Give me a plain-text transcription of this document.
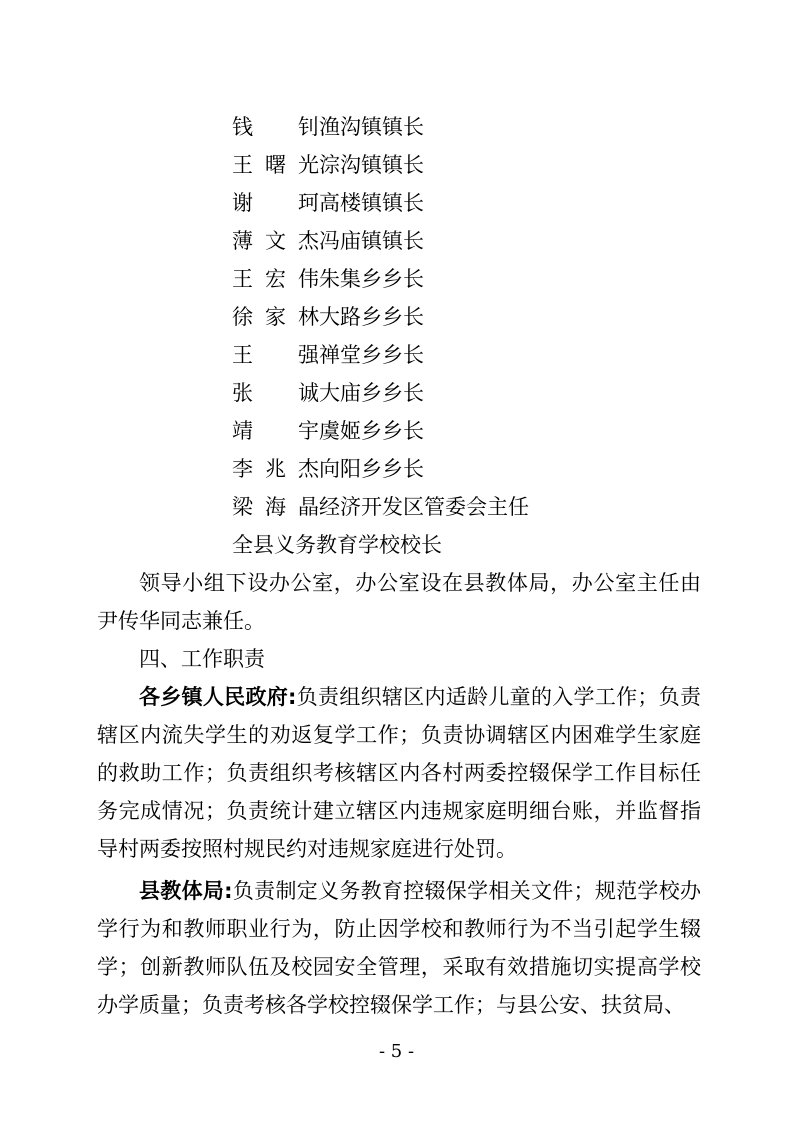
钱 钊 渔沟镇镇长
王曙光 淙沟镇镇长
谢 珂 高楼镇镇长
薄文杰 冯庙镇镇长
王宏伟 朱集乡乡长
徐家林 大路乡乡长
王 强 禅堂乡乡长
张 诚 大庙乡乡长
靖 宇 虞姬乡乡长
李兆杰 向阳乡乡长
梁海晶 经济开发区管委会主任
全县义务教育学校校长

领导小组下设办公室，办公室设在县教体局，办公室主任由尹传华同志兼任。

四、工作职责

各乡镇人民政府:负责组织辖区内适龄儿童的入学工作；负责辖区内流失学生的劝返复学工作；负责协调辖区内困难学生家庭的救助工作；负责组织考核辖区内各村两委控辍保学工作目标任务完成情况；负责统计建立辖区内违规家庭明细台账，并监督指导村两委按照村规民约对违规家庭进行处罚。

县教体局:负责制定义务教育控辍保学相关文件；规范学校办学行为和教师职业行为，防止因学校和教师行为不当引起学生辍学；创新教师队伍及校园安全管理，采取有效措施切实提高学校办学质量；负责考核各学校控辍保学工作；与县公安、扶贫局、

- 5 -
